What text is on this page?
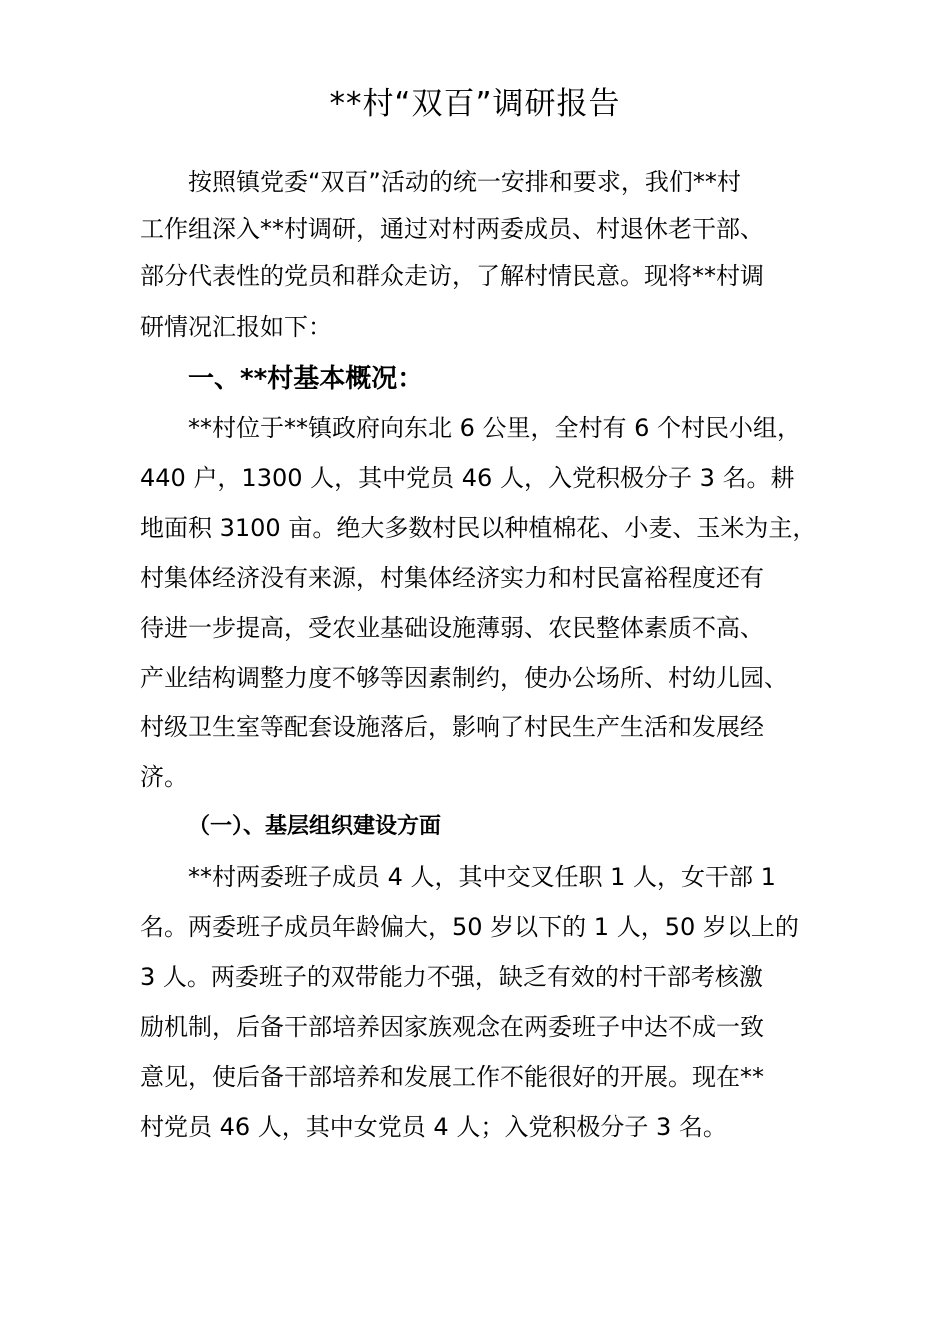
**村“双百”调研报告
按照镇党委“双百”活动的统一安排和要求，我们**村
工作组深入**村调研，通过对村两委成员、村退休老干部、
部分代表性的党员和群众走访，了解村情民意。现将**村调
研情况汇报如下：
一、**村基本概况：
**村位于**镇政府向东北 6 公里，全村有 6 个村民小组，
440 户，1300 人，其中党员 46 人，入党积极分子 3 名。耕
地面积 3100 亩。绝大多数村民以种植棉花、小麦、玉米为主，
村集体经济没有来源，村集体经济实力和村民富裕程度还有
待进一步提高，受农业基础设施薄弱、农民整体素质不高、
产业结构调整力度不够等因素制约，使办公场所、村幼儿园、
村级卫生室等配套设施落后，影响了村民生产生活和发展经
济。
（一）、基层组织建设方面
**村两委班子成员 4 人，其中交叉任职 1 人，女干部 1
名。两委班子成员年龄偏大，50 岁以下的 1 人，50 岁以上的
3 人。两委班子的双带能力不强，缺乏有效的村干部考核激
励机制，后备干部培养因家族观念在两委班子中达不成一致
意见，使后备干部培养和发展工作不能很好的开展。现在**
村党员 46 人，其中女党员 4 人；入党积极分子 3 名。
